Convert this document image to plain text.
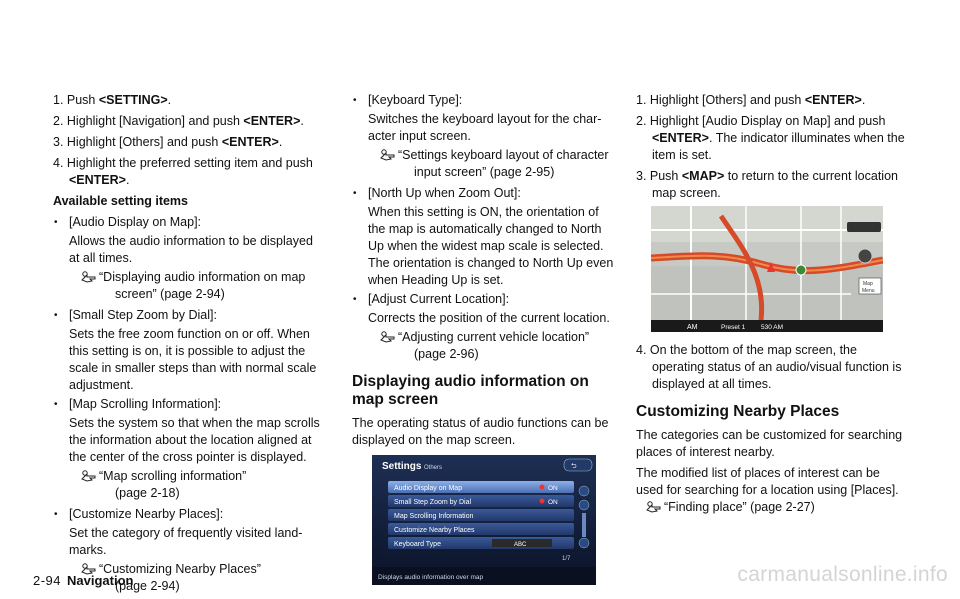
1. Push <SETTING>.

2. Highlight [Navigation] and push <ENTER>.

3. Highlight [Others] and push <ENTER>.

4. Highlight the preferred setting item and push <ENTER>.

Available setting items
• [Audio Display on Map]:
Allows the audio information to be displayed at all times.
“Displaying audio information on map
screen” (page 2-94)
• [Small Step Zoom by Dial]:
Sets the free zoom function on or off. When this setting is on, it is possible to adjust the scale in smaller steps than with normal scale adjustment.
• [Map Scrolling Information]:
Sets the system so that when the map scrolls the information about the location aligned at the center of the cross pointer is displayed.
“Map scrolling information”
(page 2-18)
• [Customize Nearby Places]:
Set the category of frequently visited land- marks.
“Customizing Nearby Places”
(page 2-94)
• [Keyboard Type]:
Switches the keyboard layout for the char- acter input screen.
“Settings keyboard layout of character
input screen” (page 2-95)
• [North Up when Zoom Out]:
When this setting is ON, the orientation of the map is automatically changed to North Up when the widest map scale is selected. The orientation is changed to North Up even when Heading Up is set.
• [Adjust Current Location]:
Corrects the position of the current location.
“Adjusting current vehicle location”
(page 2-96)
Displaying audio information on map screen

The operating status of audio functions can be displayed on the map screen.

Settings Others	⮌
Audio Display on Map	ON
Small Step Zoom by Dial	ON
Map Scrolling Information
Customize Nearby Places
Keyboard Type	ABC
1/7
Displays audio information over map

1. Highlight [Others] and push <ENTER>.

2. Highlight [Audio Display on Map] and push <ENTER>. The indicator illuminates when the item is set.

3. Push <MAP> to return to the current location map screen.

Map
Menu
AM	Preset 1 530 AM

4. On the bottom of the map screen, the operating status of an audio/visual function is displayed at all times.

Customizing Nearby Places

The categories can be customized for searching places of interest nearby.

The modified list of places of interest can be used for searching for a location using [Places].

“Finding place” (page 2-27)
2-94 Navigation	carmanualsonline.info
